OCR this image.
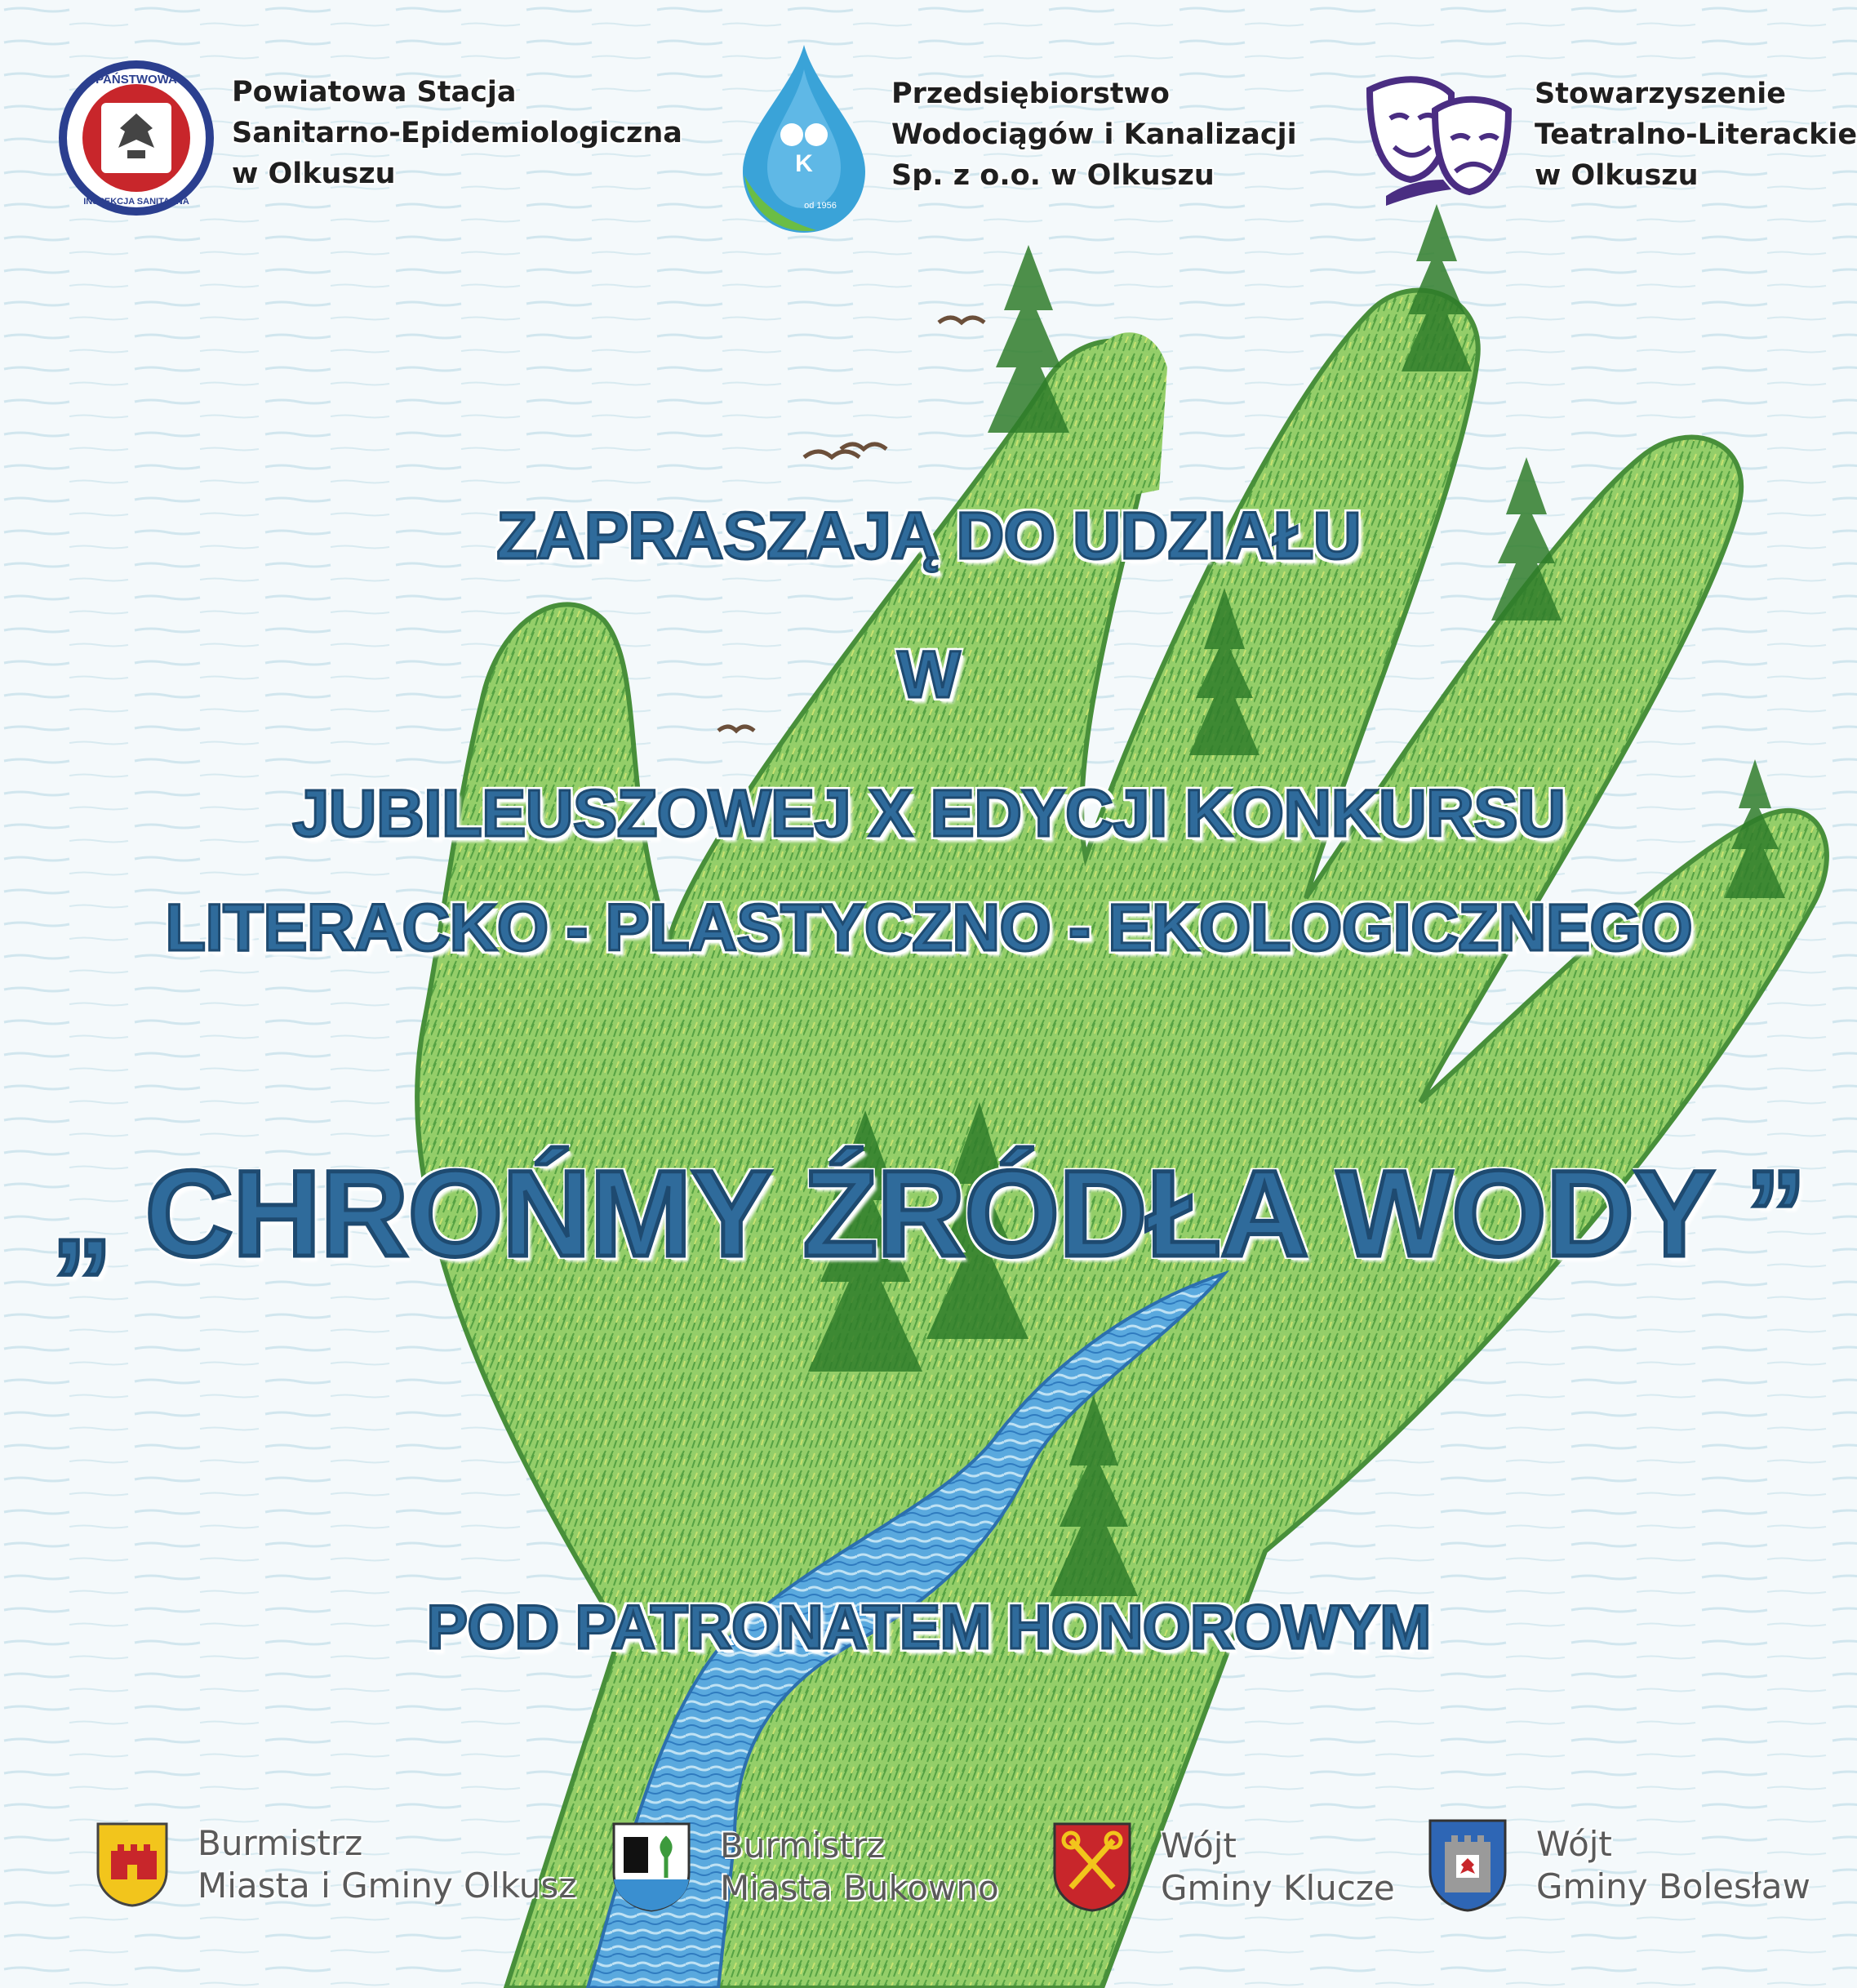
PAŃSTWOWA
INSPEKCJA SANITARNA
Powiatowa Stacja
Sanitarno-Epidemiologiczna
w Olkuszu	K
od 1956
Przedsiębiorstwo
Wodociągów i Kanalizacji
Sp. z o.o. w Olkuszu
Stowarzyszenie
Teatralno-Literackie
w Olkuszu
ZAPRASZAJĄ DO UDZIAŁU
W
JUBILEUSZOWEJ X EDYCJI KONKURSU
LITERACKO - PLASTYCZNO - EKOLOGICZNEGO
„ CHROŃMY ŹRÓDŁA WODY ”
POD PATRONATEM HONOROWYM
Burmistrz
Miasta i Gminy Olkusz
Burmistrz
Miasta Bukowno
Wójt
Gminy Klucze
Wójt
Gminy Bolesław
